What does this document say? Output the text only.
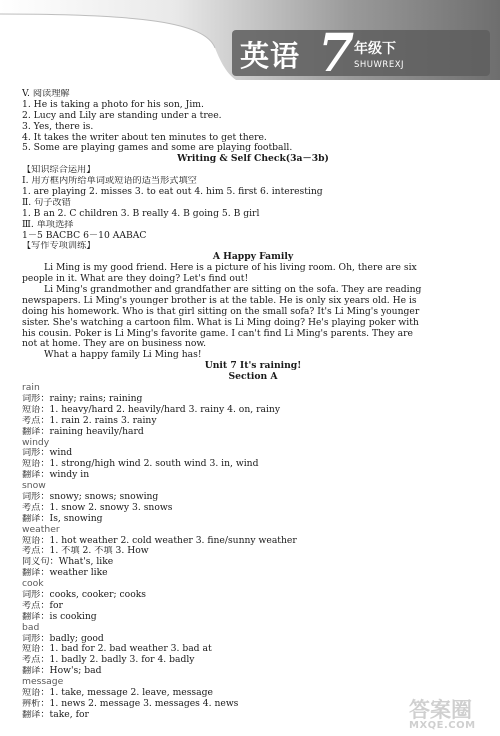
英语 7 年级下
SHUWREXJ
V. 阅读理解
1. He is taking a photo for his son, Jim.
2. Lucy and Lily are standing under a tree.
3. Yes, there is.
4. It takes the writer about ten minutes to get there.
5. Some are playing games and some are playing football.
Writing & Self Check(3a－3b)
【知识综合运用】
Ⅰ. 用方框内所给单词或短语的适当形式填空
1. are playing 2. misses 3. to eat out 4. him 5. first 6. interesting
Ⅱ. 句子改错
1. B an 2. C children 3. B really 4. B going 5. B girl
Ⅲ. 单项选择
1－5 BACBC 6－10 AABAC
【写作专项训练】
A Happy Family
Li Ming is my good friend. Here is a picture of his living room. Oh, there are six
people in it. What are they doing? Let's find out!
Li Ming's grandmother and grandfather are sitting on the sofa. They are reading
newspapers. Li Ming's younger brother is at the table. He is only six years old. He is
doing his homework. Who is that girl sitting on the small sofa? It's Li Ming's younger
sister. She's watching a cartoon film. What is Li Ming doing? He's playing poker with
his cousin. Poker is Li Ming's favorite game. I can't find Li Ming's parents. They are
not at home. They are on business now.
What a happy family Li Ming has!
Unit 7 It's raining!
Section A
rain
词形：rainy; rains; raining
短语：1. heavy/hard 2. heavily/hard 3. rainy 4. on, rainy
考点：1. rain 2. rains 3. rainy
翻译：raining heavily/hard
windy
词形：wind
短语：1. strong/high wind 2. south wind 3. in, wind
翻译：windy in
snow
词形：snowy; snows; snowing
考点：1. snow 2. snowy 3. snows
翻译：Is, snowing
weather
短语：1. hot weather 2. cold weather 3. fine/sunny weather
考点：1. 不填 2. 不填 3. How
同义句：What's, like
翻译：weather like
cook
词形：cooks, cooker; cooks
考点：for
翻译：is cooking
bad
词形：badly; good
短语：1. bad for 2. bad weather 3. bad at
考点：1. badly 2. badly 3. for 4. badly
翻译：How's; bad
message
短语：1. take, message 2. leave, message
辨析：1. news 2. message 3. messages 4. news
翻译：take, for	答案圈
MXQE.COM
